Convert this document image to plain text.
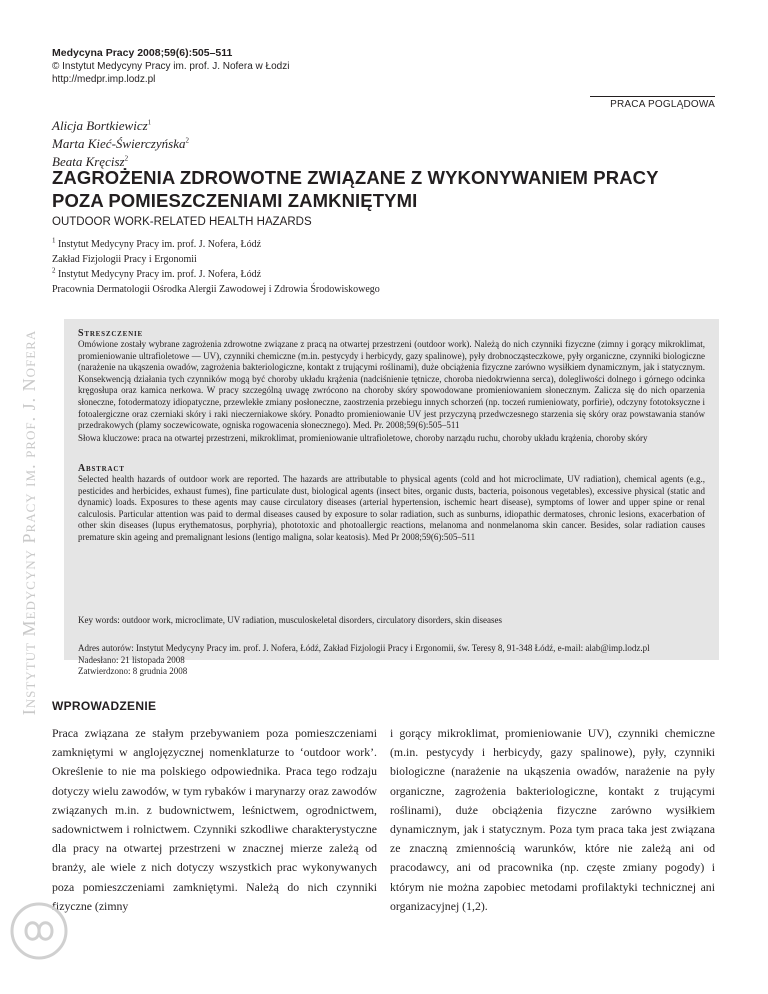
Medycyna Pracy 2008;59(6):505–511
© Instytut Medycyny Pracy im. prof. J. Nofera w Łodzi
http://medpr.imp.lodz.pl
PRACA POGLĄDOWA
Alicja Bortkiewicz$^1$
Marta Kieć-Świerczyńska$^2$
Beata Kręcisz$^2$
ZAGROŻENIA ZDROWOTNE ZWIĄZANE Z WYKONYWANIEM PRACY
POZA POMIESZCZENIAMI ZAMKNIĘTYMI
OUTDOOR WORK-RELATED HEALTH HAZARDS
$^1$ Instytut Medycyny Pracy im. prof. J. Nofera, Łódź
Zakład Fizjologii Pracy i Ergonomii
$^2$ Instytut Medycyny Pracy im. prof. J. Nofera, Łódź
Pracownia Dermatologii Ośrodka Alergii Zawodowej i Zdrowia Środowiskowego
Instytut Medycyny Pracy im. prof. J. Nofera	Streszczenie
Omówione zostały wybrane zagrożenia zdrowotne związane z pracą na otwartej przestrzeni (outdoor work). Należą do nich czynniki fizyczne (zimny i gorący mikroklimat, promieniowanie ultrafioletowe — UV), czynniki chemiczne (m.in. pestycydy i herbicydy, gazy spalinowe), pyły drobnocząsteczkowe, pyły organiczne, czynniki biologiczne (narażenie na ukąszenia owadów, zagrożenia bakteriologiczne, kontakt z trującymi roślinami), duże obciążenia fizyczne zarówno wysiłkiem dynamicznym, jak i statycznym. Konsekwencją działania tych czynników mogą być choroby układu krążenia (nadciśnienie tętnicze, choroba niedokrwienna serca), dolegliwości dolnego i górnego odcinka kręgosłupa oraz kamica nerkowa. W pracy szczególną uwagę zwrócono na choroby skóry spowodowane promieniowaniem słonecznym. Zalicza się do nich oparzenia słoneczne, fotodermatozy idiopatyczne, przewlekłe zmiany posłoneczne, zaostrzenia przebiegu innych schorzeń (np. toczeń rumieniowaty, porfirie), odczyny fototoksyczne i fotoalergiczne oraz czerniaki skóry i raki nieczerniakowe skóry. Ponadto promieniowanie UV jest przyczyną przedwczesnego starzenia się skóry oraz powstawania stanów przedrakowych (plamy soczewicowate, ogniska rogowacenia słonecznego). Med. Pr. 2008;59(6):505–511
Słowa kluczowe: praca na otwartej przestrzeni, mikroklimat, promieniowanie ultrafioletowe, choroby narządu ruchu, choroby układu krążenia, choroby skóry
Abstract
Selected health hazards of outdoor work are reported. The hazards are attributable to physical agents (cold and hot microclimate, UV radiation), chemical agents (e.g., pesticides and herbicides, exhaust fumes), fine particulate dust, biological agents (insect bites, organic dusts, bacteria, poisonous vegetables), excessive physical (static and dynamic) loads. Exposures to these agents may cause circulatory diseases (arterial hypertension, ischemic heart disease), symptoms of lower and upper spine or renal calculosis. Particular attention was paid to dermal diseases caused by exposure to solar radiation, such as sunburns, idiopathic dermatoses, chronic lesions, exacerbation of other skin diseases (lupus erythematosus, porphyria), phototoxic and photoallergic reactions, melanoma and nonmelanoma skin cancer. Besides, solar radiation causes premature skin ageing and premalignant lesions (lentigo maligna, solar keatosis). Med Pr 2008;59(6):505–511
Key words: outdoor work, microclimate, UV radiation, musculoskeletal disorders, circulatory disorders, skin diseases
Adres autorów: Instytut Medycyny Pracy im. prof. J. Nofera, Łódź, Zakład Fizjologii Pracy i Ergonomii, św. Teresy 8, 91-348 Łódź, e-mail: alab@imp.lodz.pl
Nadesłano: 21 listopada 2008
Zatwierdzono: 8 grudnia 2008
WPROWADZENIE
Praca związana ze stałym przebywaniem poza pomieszczeniami zamkniętymi w anglojęzycznej nomenklaturze to ‘outdoor work’. Określenie to nie ma polskiego odpowiednika. Praca tego rodzaju dotyczy wielu zawodów, w tym rybaków i marynarzy oraz zawodów związanych m.in. z budownictwem, leśnictwem, ogrodnictwem, sadownictwem i rolnictwem. Czynniki szkodliwe charakterystyczne dla pracy na otwartej przestrzeni w znacznej mierze zależą od branży, ale wiele z nich dotyczy wszystkich prac wykonywanych poza pomieszczeniami zamkniętymi. Należą do nich czynniki fizyczne (zimny
i gorący mikroklimat, promieniowanie UV), czynniki chemiczne (m.in. pestycydy i herbicydy, gazy spalinowe), pyły, czynniki biologiczne (narażenie na ukąszenia owadów, narażenie na pyły organiczne, zagrożenia bakteriologiczne, kontakt z trującymi roślinami), duże obciążenia fizyczne zarówno wysiłkiem dynamicznym, jak i statycznym. Poza tym praca taka jest związana ze znaczną zmiennością warunków, które nie zależą ani od pracodawcy, ani od pracownika (np. częste zmiany pogody) i którym nie można zapobiec metodami profilaktyki technicznej ani organizacyjnej (1,2).
